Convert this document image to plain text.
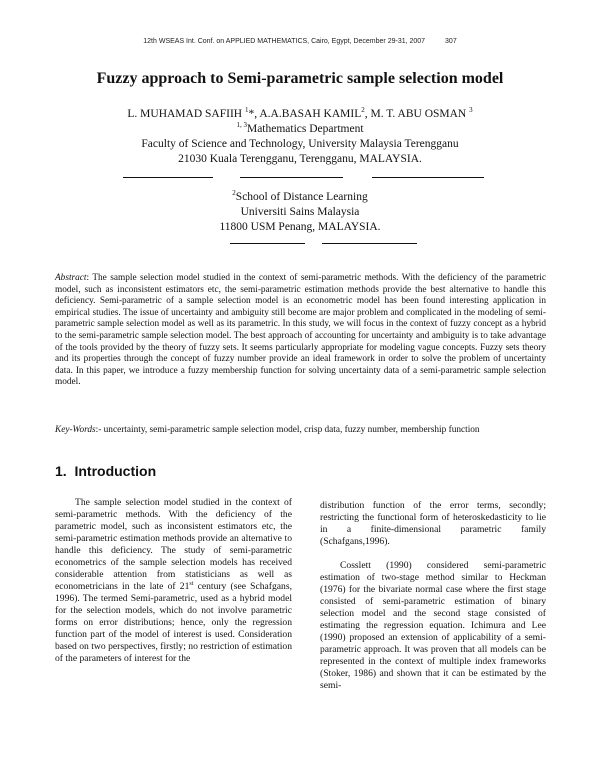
12th WSEAS Int. Conf. on APPLIED MATHEMATICS, Cairo, Egypt, December 29-31, 2007	307
Fuzzy approach to Semi-parametric sample selection model
L. MUHAMAD SAFIIH $^1$*, A.A.BASAH KAMIL$^2$, M. T. ABU OSMAN $^3$
$^{1, 3}$Mathematics Department
Faculty of Science and Technology, University Malaysia Terengganu
21030 Kuala Terengganu, Terengganu, MALAYSIA.
$^2$School of Distance Learning
Universiti Sains Malaysia
11800 USM Penang, MALAYSIA.
Abstract: The sample selection model studied in the context of semi-parametric methods. With the deficiency of the parametric model, such as inconsistent estimators etc, the semi-parametric estimation methods provide the best alternative to handle this deficiency. Semi-parametric of a sample selection model is an econometric model has been found interesting application in empirical studies. The issue of uncertainty and ambiguity still become are major problem and complicated in the modeling of semi-parametric sample selection model as well as its parametric. In this study, we will focus in the context of fuzzy concept as a hybrid to the semi-parametric sample selection model. The best approach of accounting for uncertainty and ambiguity is to take advantage of the tools provided by the theory of fuzzy sets. It seems particularly appropriate for modeling vague concepts. Fuzzy sets theory and its properties through the concept of fuzzy number provide an ideal framework in order to solve the problem of uncertainty data. In this paper, we introduce a fuzzy membership function for solving uncertainty data of a semi-parametric sample selection model.
Key-Words:- uncertainty, semi-parametric sample selection model, crisp data, fuzzy number, membership function
1. Introduction

The sample selection model studied in the context of semi-parametric methods. With the deficiency of the parametric model, such as inconsistent estimators etc, the semi-parametric estimation methods provide an alternative to handle this deficiency. The study of semi-parametric econometrics of the sample selection models has received considerable attention from statisticians as well as econometricians in the late of 21st century (see Schafgans, 1996). The termed Semi-parametric, used as a hybrid model for the selection models, which do not involve parametric forms on error distributions; hence, only the regression function part of the model of interest is used. Consideration based on two perspectives, firstly; no restriction of estimation of the parameters of interest for the

distribution function of the error terms, secondly; restricting the functional form of heteroskedasticity to lie in a finite-dimensional parametric family (Schafgans,1996).

Cosslett (1990) considered semi-parametric estimation of two-stage method similar to Heckman (1976) for the bivariate normal case where the first stage consisted of semi-parametric estimation of binary selection model and the second stage consisted of estimating the regression equation. Ichimura and Lee (1990) proposed an extension of applicability of a semi-parametric approach. It was proven that all models can be represented in the context of multiple index frameworks (Stoker, 1986) and shown that it can be estimated by the semi-
